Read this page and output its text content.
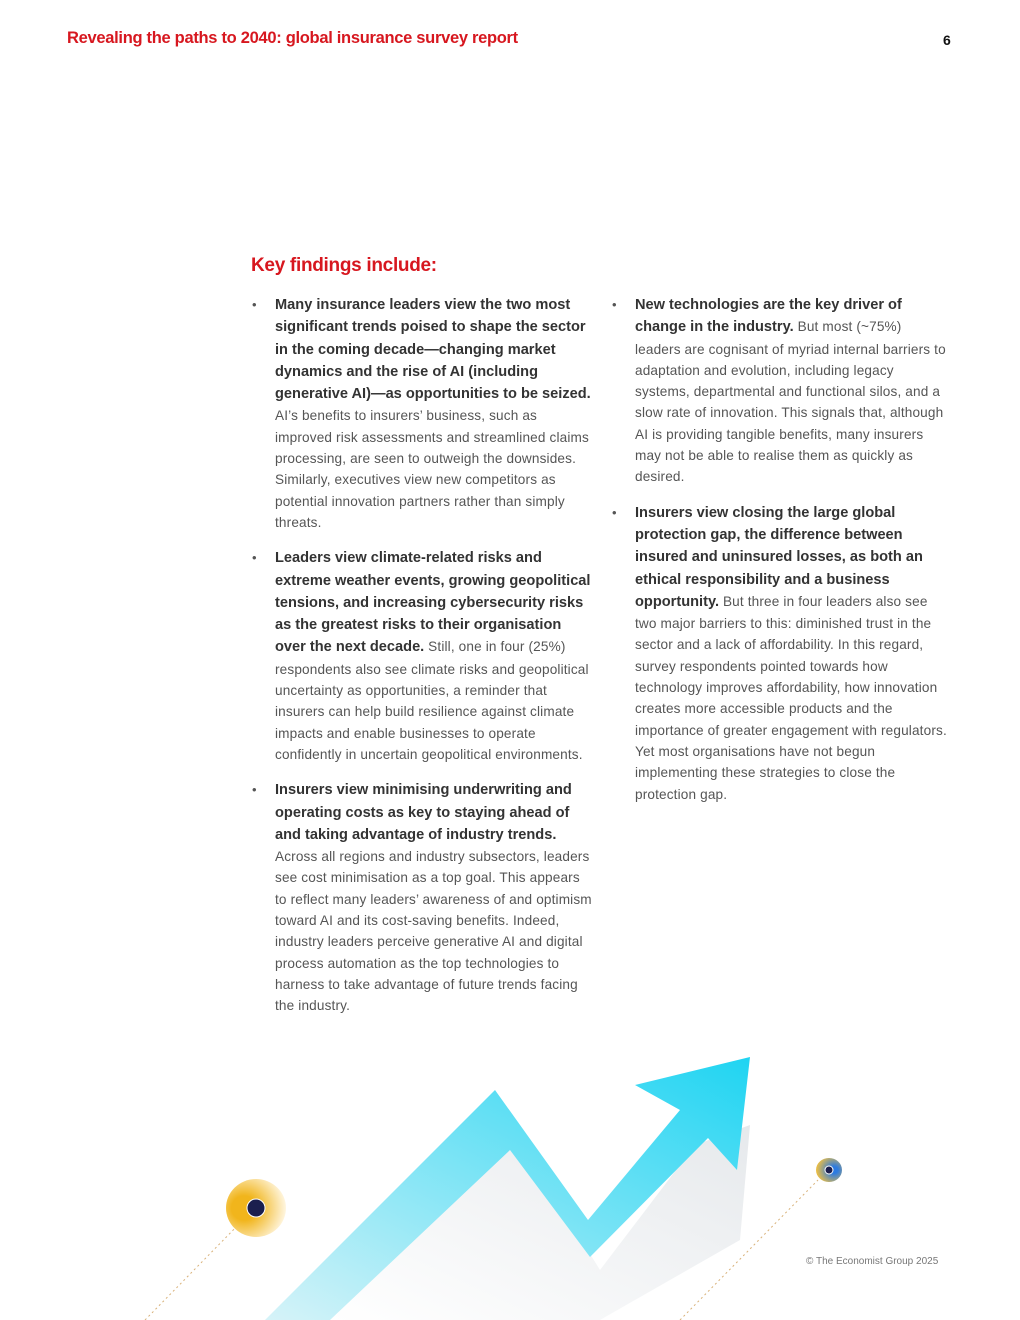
Revealing the paths to 2040: global insurance survey report	6
Key findings include:
• Many insurance leaders view the two most significant trends poised to shape the sector in the coming decade—changing market dynamics and the rise of AI (including generative AI)—as opportunities to be seized. AI’s benefits to insurers’ business, such as improved risk assessments and streamlined claims processing, are seen to outweigh the downsides. Similarly, executives view new competitors as potential innovation partners rather than simply threats.
• Leaders view climate-related risks and extreme weather events, growing geopolitical tensions, and increasing cybersecurity risks as the greatest risks to their organisation over the next decade. Still, one in four (25%) respondents also see climate risks and geopolitical uncertainty as opportunities, a reminder that insurers can help build resilience against climate impacts and enable businesses to operate confidently in uncertain geopolitical environments.
• Insurers view minimising underwriting and operating costs as key to staying ahead of and taking advantage of industry trends. Across all regions and industry subsectors, leaders see cost minimisation as a top goal. This appears to reflect many leaders’ awareness of and optimism toward AI and its cost-saving benefits. Indeed, industry leaders perceive generative AI and digital process automation as the top technologies to harness to take advantage of future trends facing the industry.
• New technologies are the key driver of change in the industry. But most (~75%) leaders are cognisant of myriad internal barriers to adaptation and evolution, including legacy systems, departmental and functional silos, and a slow rate of innovation. This signals that, although AI is providing tangible benefits, many insurers may not be able to realise them as quickly as desired.
• Insurers view closing the large global protection gap, the difference between insured and uninsured losses, as both an ethical responsibility and a business opportunity. But three in four leaders also see two major barriers to this: diminished trust in the sector and a lack of affordability. In this regard, survey respondents pointed towards how technology improves affordability, how innovation creates more accessible products and the importance of greater engagement with regulators. Yet most organisations have not begun implementing these strategies to close the protection gap.
© The Economist Group 2025
